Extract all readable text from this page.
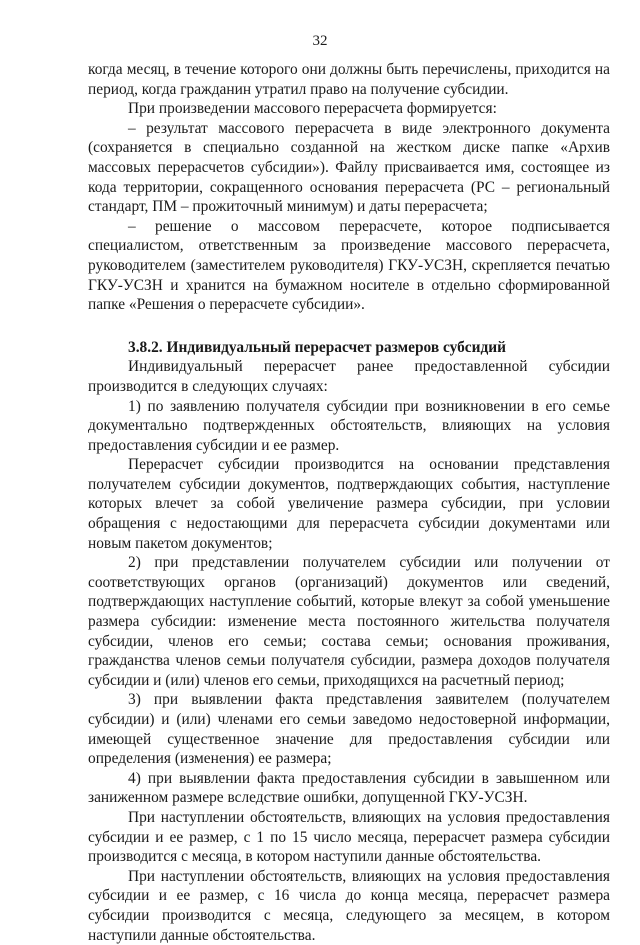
32

когда месяц, в течение которого они должны быть перечислены, приходится на период, когда гражданин утратил право на получение субсидии.

При произведении массового перерасчета формируется:

– результат массового перерасчета в виде электронного документа (сохраняется в специально созданной на жестком диске папке «Архив массовых перерасчетов субсидии»). Файлу присваивается имя, состоящее из кода территории, сокращенного основания перерасчета (РС – региональный стандарт, ПМ – прожиточный минимум) и даты перерасчета;

– решение о массовом перерасчете, которое подписывается специалистом, ответственным за произведение массового перерасчета, руководителем (заместителем руководителя) ГКУ-УСЗН, скрепляется печатью ГКУ-УСЗН и хранится на бумажном носителе в отдельно сформированной папке «Решения о перерасчете субсидии».

3.8.2. Индивидуальный перерасчет размеров субсидий

Индивидуальный перерасчет ранее предоставленной субсидии производится в следующих случаях:

1) по заявлению получателя субсидии при возникновении в его семье документально подтвержденных обстоятельств, влияющих на условия предоставления субсидии и ее размер.

Перерасчет субсидии производится на основании представления получателем субсидии документов, подтверждающих события, наступление которых влечет за собой увеличение размера субсидии, при условии обращения с недостающими для перерасчета субсидии документами или новым пакетом документов;

2) при представлении получателем субсидии или получении от соответствующих органов (организаций) документов или сведений, подтверждающих наступление событий, которые влекут за собой уменьшение размера субсидии: изменение места постоянного жительства получателя субсидии, членов его семьи; состава семьи; основания проживания, гражданства членов семьи получателя субсидии, размера доходов получателя субсидии и (или) членов его семьи, приходящихся на расчетный период;

3) при выявлении факта представления заявителем (получателем субсидии) и (или) членами его семьи заведомо недостоверной информации, имеющей существенное значение для предоставления субсидии или определения (изменения) ее размера;

4) при выявлении факта предоставления субсидии в завышенном или заниженном размере вследствие ошибки, допущенной ГКУ-УСЗН.

При наступлении обстоятельств, влияющих на условия предоставления субсидии и ее размер, с 1 по 15 число месяца, перерасчет размера субсидии производится с месяца, в котором наступили данные обстоятельства.

При наступлении обстоятельств, влияющих на условия предоставления субсидии и ее размер, с 16 числа до конца месяца, перерасчет размера субсидии производится с месяца, следующего за месяцем, в котором наступили данные обстоятельства.
